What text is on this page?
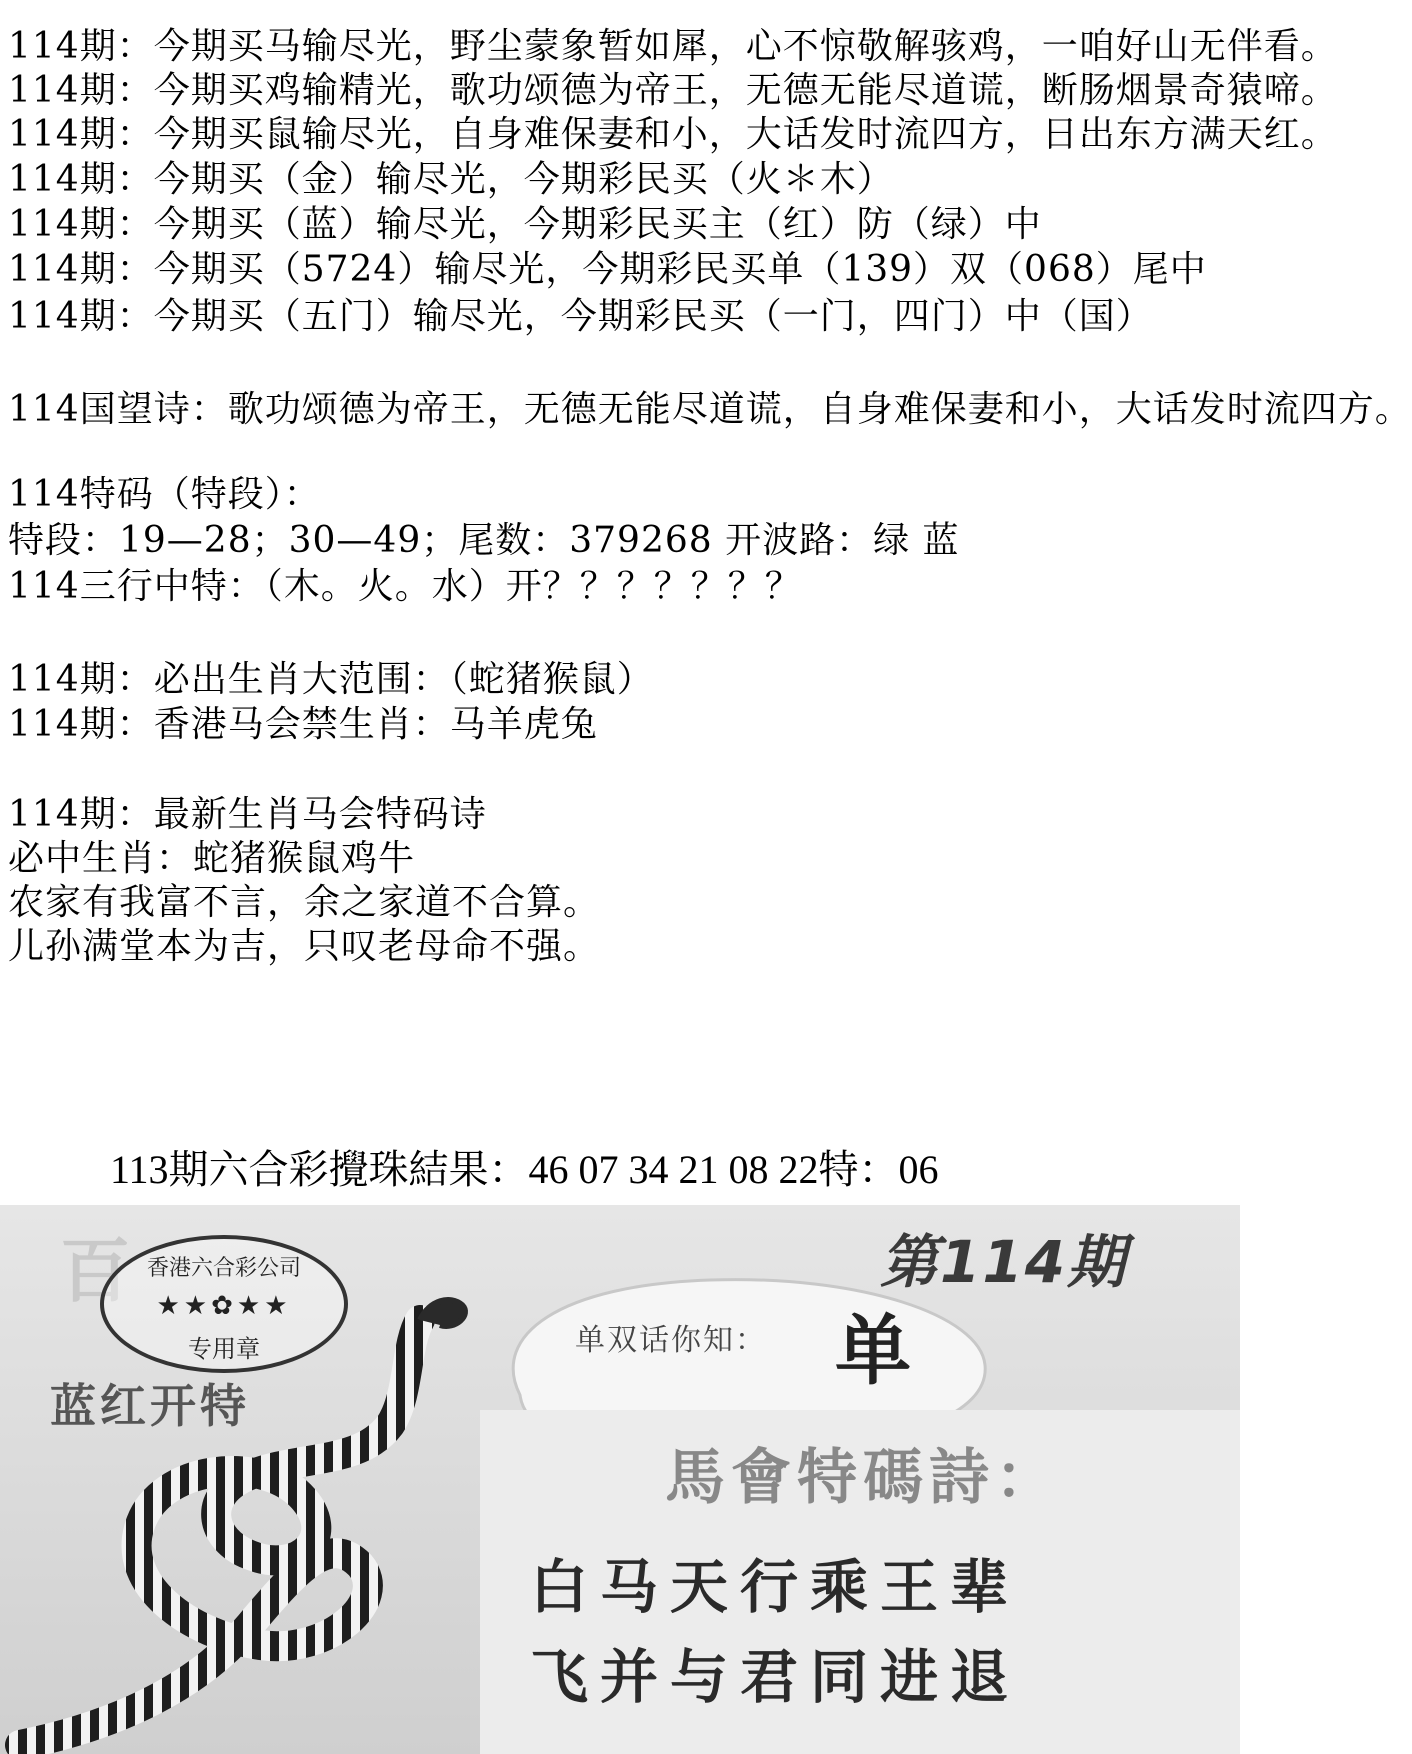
114期：今期买马输尽光，野尘蒙象暂如犀，心不惊敬解骇鸡，一咱好山无伴看。
114期：今期买鸡输精光，歌功颂德为帝王，无德无能尽道谎，断肠烟景奇猿啼。
114期：今期买鼠输尽光，自身难保妻和小，大话发时流四方，日出东方满天红。
114期：今期买（金）输尽光，今期彩民买（火＊木）
114期：今期买（蓝）输尽光，今期彩民买主（红）防（绿）中
114期：今期买（5724）输尽光，今期彩民买单（139）双（068）尾中
114期：今期买（五门）输尽光，今期彩民买（一门，四门）中（国）
114国望诗：歌功颂德为帝王，无德无能尽道谎，自身难保妻和小，大话发时流四方。
114特码（特段）：
特段：19—28；30—49；尾数：379268 开波路：绿 蓝
114三行中特：（木。火。水）开？？？？？？？
114期：必出生肖大范围：（蛇猪猴鼠）
114期：香港马会禁生肖：马羊虎兔
114期：最新生肖马会特码诗
必中生肖：蛇猪猴鼠鸡牛
农家有我富不言，余之家道不合算。
儿孙满堂本为吉，只叹老母命不强。
113期六合彩攪珠結果：46 07 34 21 08 22特：06
百 香港六合彩公司
★★✿★★
专用章
蓝红开特
单双话你知： 单
第114期
馬會特碼詩：
白马天行乘王辈
飞并与君同进退
